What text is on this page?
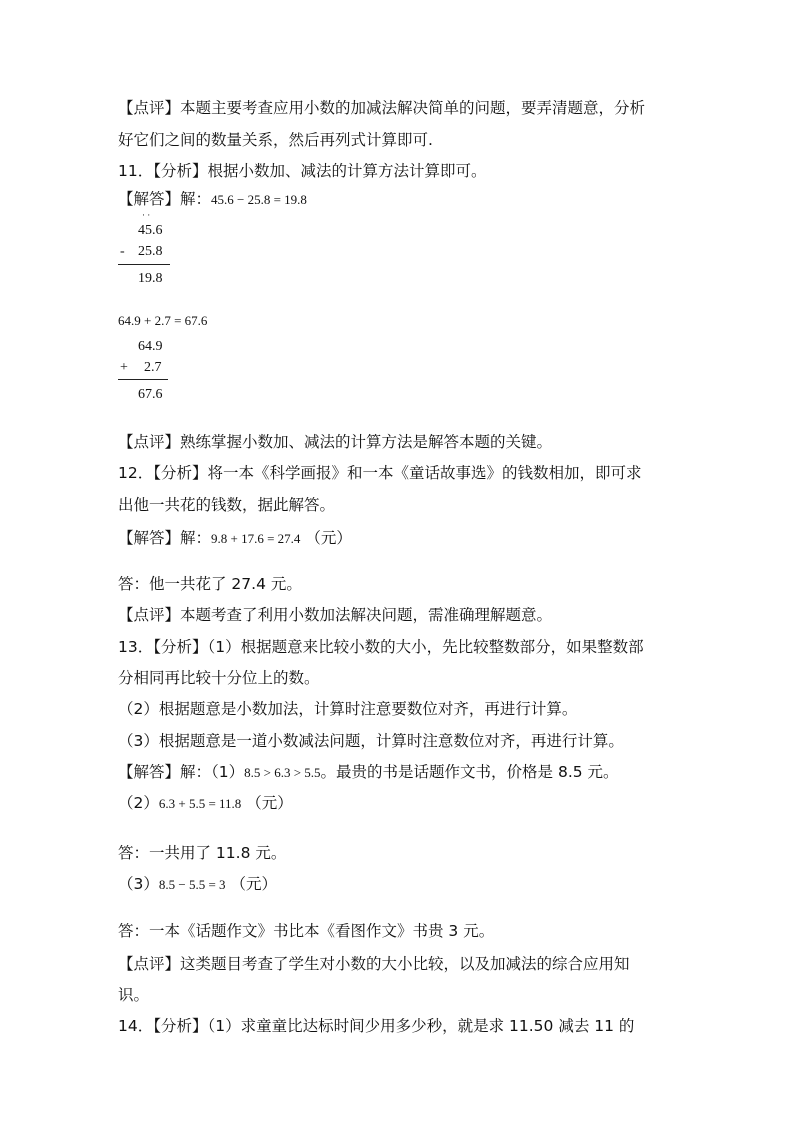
【点评】本题主要考查应用小数的加减法解决简单的问题，要弄清题意，分析
好它们之间的数量关系，然后再列式计算即可.
11．【分析】根据小数加、减法的计算方法计算即可。
【解答】解：45.6 − 25.8 = 19.8
· ·
45.6
- 25.8
19.8
64.9 + 2.7 = 67.6
64.9
+ 2.7
67.6
【点评】熟练掌握小数加、减法的计算方法是解答本题的关键。
12．【分析】将一本《科学画报》和一本《童话故事选》的钱数相加，即可求
出他一共花的钱数，据此解答。
【解答】解：9.8 + 17.6 = 27.4 （元）
答：他一共花了 27.4 元。
【点评】本题考查了利用小数加法解决问题，需准确理解题意。
13．【分析】（1）根据题意来比较小数的大小，先比较整数部分，如果整数部
分相同再比较十分位上的数。
（2）根据题意是小数加法，计算时注意要数位对齐，再进行计算。
（3）根据题意是一道小数减法问题，计算时注意数位对齐，再进行计算。
【解答】解：（1）8.5 > 6.3 > 5.5。最贵的书是话题作文书，价格是 8.5 元。
（2）6.3 + 5.5 = 11.8 （元）
答：一共用了 11.8 元。
（3）8.5 − 5.5 = 3 （元）
答：一本《话题作文》书比本《看图作文》书贵 3 元。
【点评】这类题目考查了学生对小数的大小比较，以及加减法的综合应用知
识。
14．【分析】（1）求童童比达标时间少用多少秒，就是求 11.50 减去 11 的
